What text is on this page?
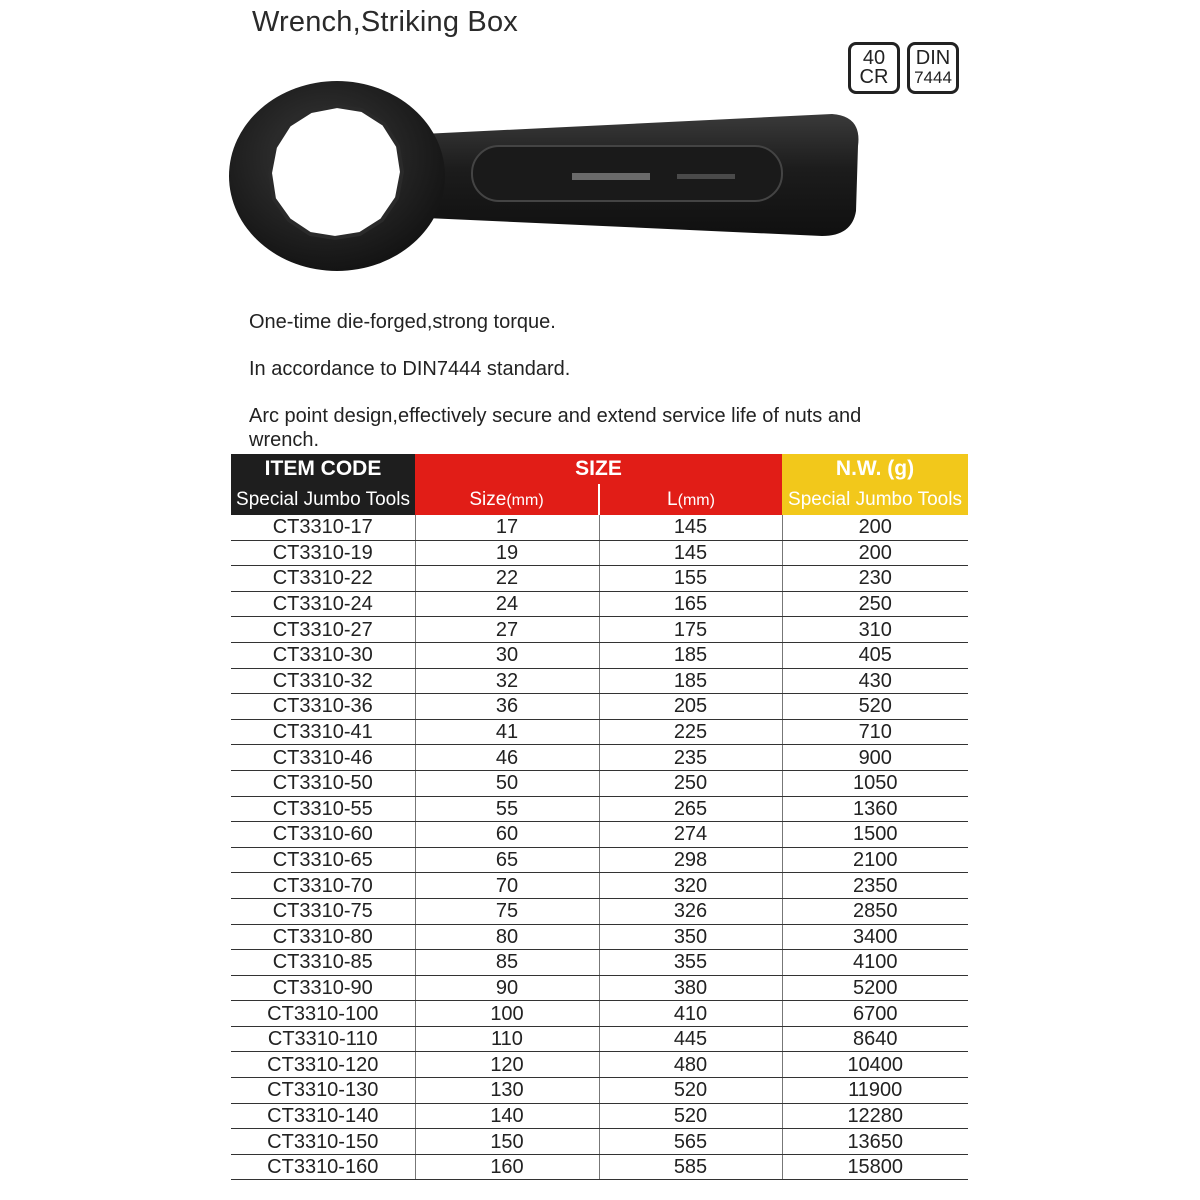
Wrench,Striking Box
40
CR
DIN
7444
One-time die-forged,strong torque.
In accordance to DIN7444 standard.
Arc point design,effectively secure and extend service life of nuts and wrench.
ITEM CODE	SIZE		N.W. (g)
Special Jumbo Tools	Size(mm)	L(mm)	Special Jumbo Tools
CT3310-17	17	145	200
CT3310-19	19	145	200
CT3310-22	22	155	230
CT3310-24	24	165	250
CT3310-27	27	175	310
CT3310-30	30	185	405
CT3310-32	32	185	430
CT3310-36	36	205	520
CT3310-41	41	225	710
CT3310-46	46	235	900
CT3310-50	50	250	1050
CT3310-55	55	265	1360
CT3310-60	60	274	1500
CT3310-65	65	298	2100
CT3310-70	70	320	2350
CT3310-75	75	326	2850
CT3310-80	80	350	3400
CT3310-85	85	355	4100
CT3310-90	90	380	5200
CT3310-100	100	410	6700
CT3310-110	110	445	8640
CT3310-120	120	480	10400
CT3310-130	130	520	11900
CT3310-140	140	520	12280
CT3310-150	150	565	13650
CT3310-160	160	585	15800
